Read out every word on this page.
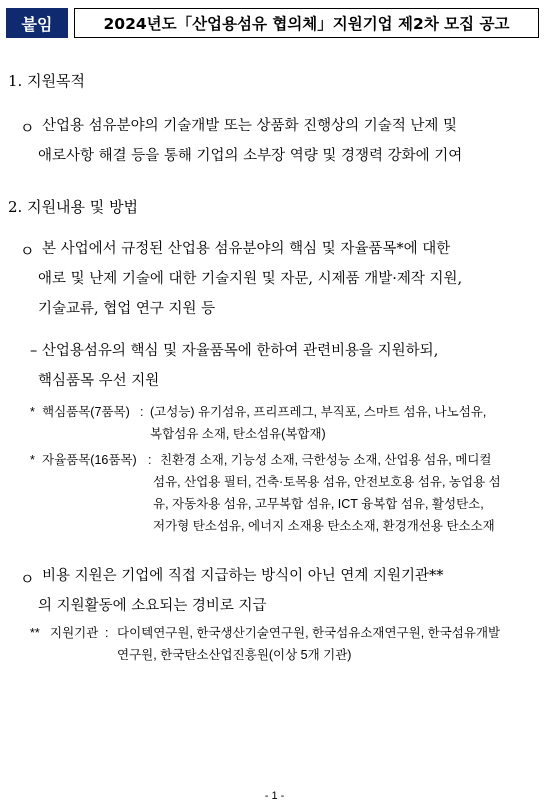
붙임	2024년도「산업용섬유 협의체」지원기업 제2차 모집 공고
1. 지원목적
ㅇ 산업용 섬유분야의 기술개발 또는 상품화 진행상의 기술적 난제 및
애로사항 해결 등을 통해 기업의 소부장 역량 및 경쟁력 강화에 기여
2. 지원내용 및 방법
ㅇ 본 사업에서 규정된 산업용 섬유분야의 핵심 및 자율품목*에 대한
애로 및 난제 기술에 대한 기술지원 및 자문, 시제품 개발·제작 지원,
기술교류, 협업 연구 지원 등
– 산업용섬유의 핵심 및 자율품목에 한하여 관련비용을 지원하되,
핵심품목 우선 지원
* 핵심품목(7품목) : (고성능) 유기섬유, 프리프레그, 부직포, 스마트 섬유, 나노섬유,
복합섬유 소재, 탄소섬유(복합재)
* 자율품목(16품목) : 친환경 소재, 기능성 소재, 극한성능 소재, 산업용 섬유, 메디컬
섬유, 산업용 필터, 건축·토목용 섬유, 안전보호용 섬유, 농업용 섬
유, 자동차용 섬유, 고무복합 섬유, ICT 융복합 섬유, 활성탄소,
저가형 탄소섬유, 에너지 소재용 탄소소재, 환경개선용 탄소소재
ㅇ 비용 지원은 기업에 직접 지급하는 방식이 아닌 연계 지원기관**
의 지원활동에 소요되는 경비로 지급
** 지원기관 : 다이텍연구원, 한국생산기술연구원, 한국섬유소재연구원, 한국섬유개발
연구원, 한국탄소산업진흥원(이상 5개 기관)
- 1 -
